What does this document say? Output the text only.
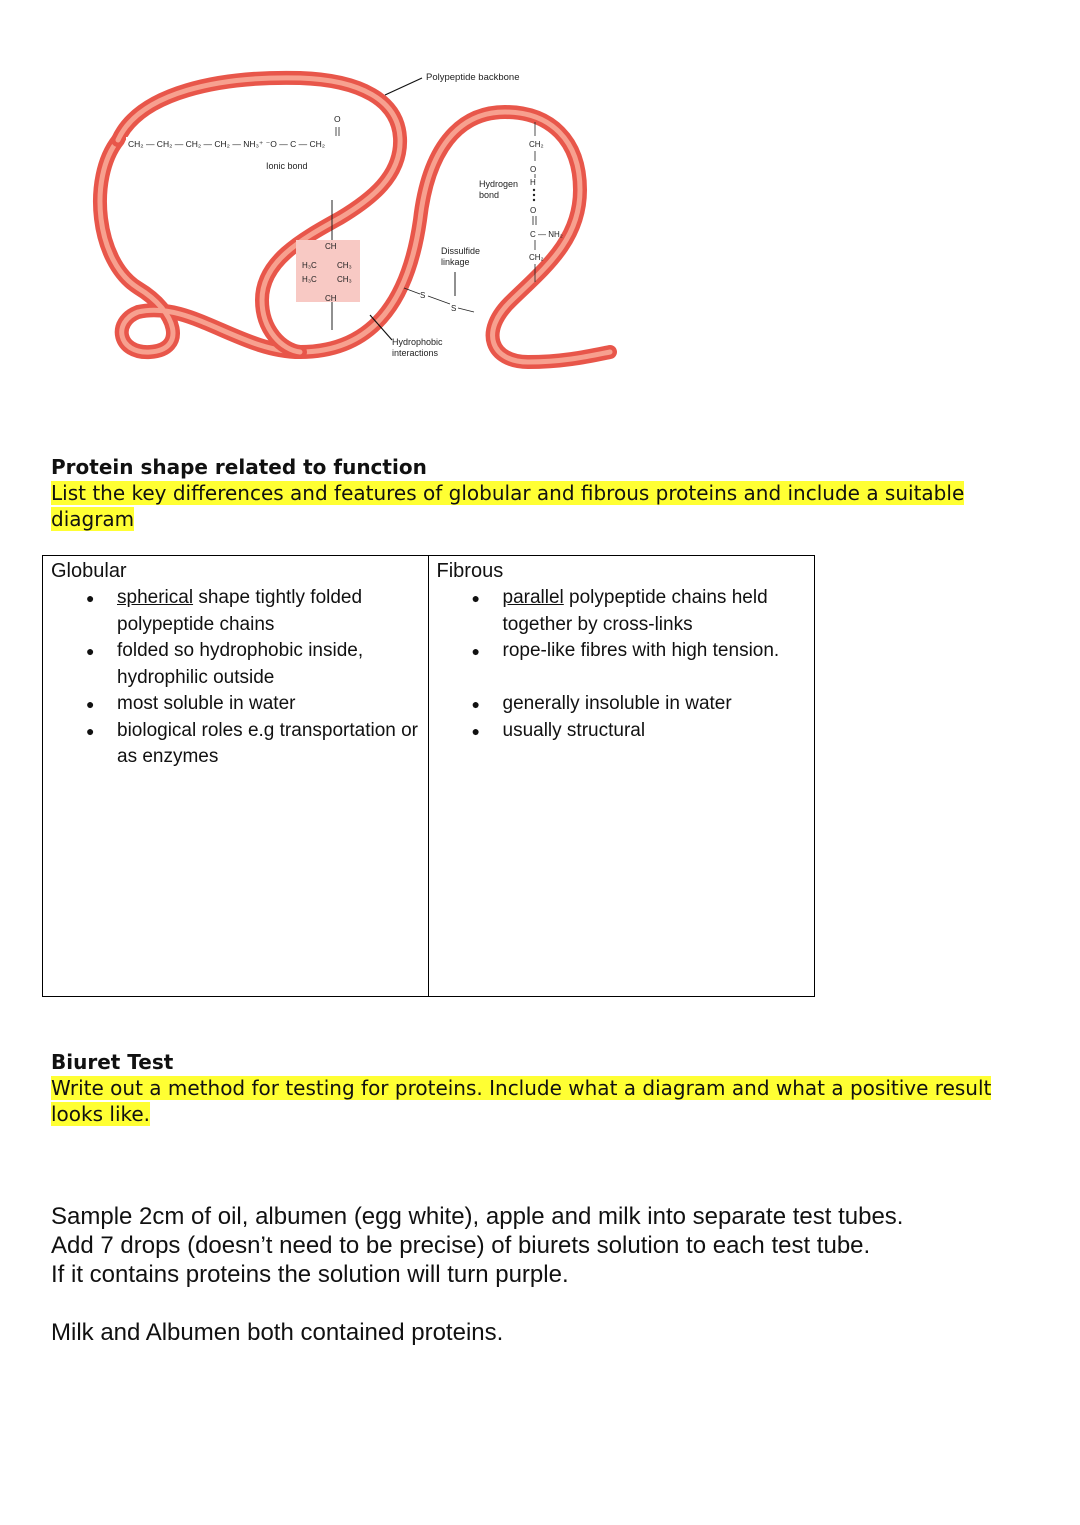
Polypeptide backbone
CH₂ — CH₂ — CH₂ — CH₂ — NH₃⁺ ⁻O — C — CH₂
O
Ionic bond
CH
H₃C	CH₃
H₃C	CH₃
CH
Hydrophobic
interactions
Dissulfide
linkage
S
S
CH₂
O
H
O
C — NH₂
CH₂
Hydrogen
bond
Protein shape related to function
List the key differences and features of globular and fibrous proteins and include a suitable diagram
Globular
● spherical shape tightly folded polypeptide chains
● folded so hydrophobic inside, hydrophilic outside
● most soluble in water
● biological roles e.g transportation or as enzymes
Fibrous
● parallel polypeptide chains held together by cross-links
● rope-like fibres with high tension.
● generally insoluble in water
● usually structural
Biuret Test
Write out a method for testing for proteins. Include what a diagram and what a positive result looks like.

Sample 2cm of oil, albumen (egg white), apple and milk into separate test tubes.

Add 7 drops (doesn’t need to be precise) of biurets solution to each test tube.

If it contains proteins the solution will turn purple.

Milk and Albumen both contained proteins.
